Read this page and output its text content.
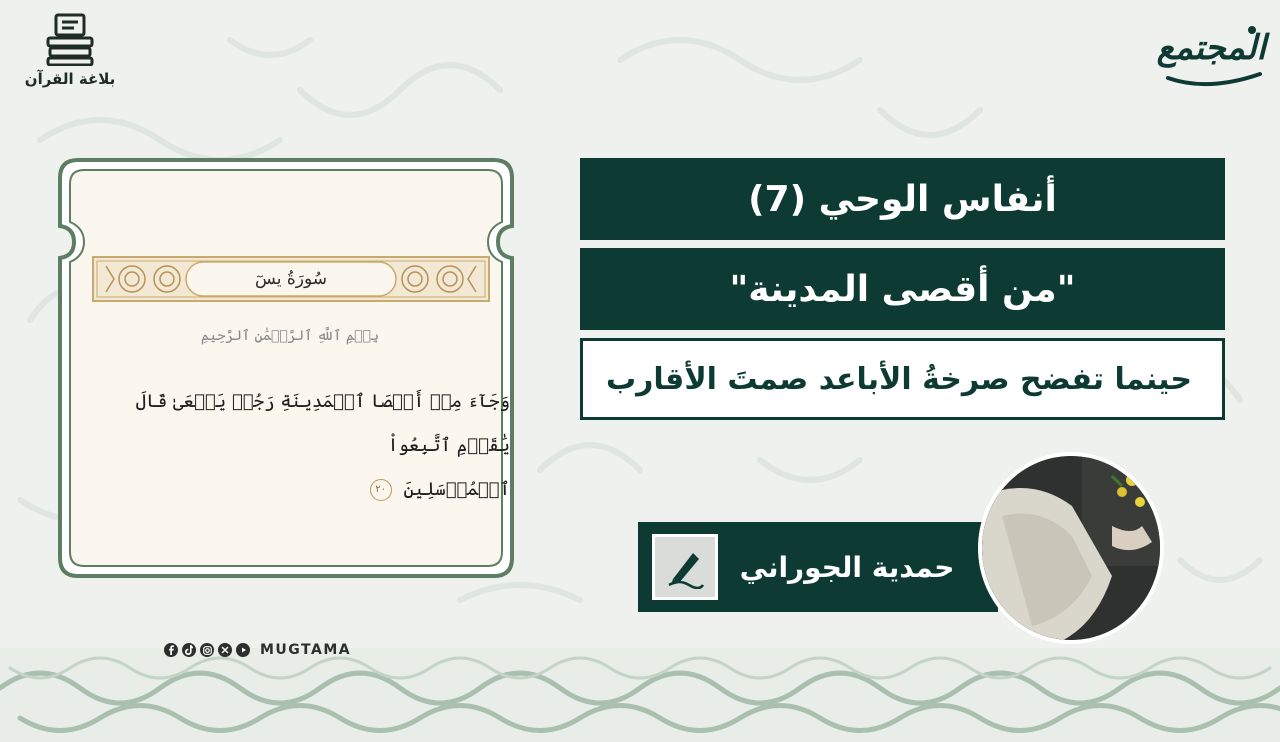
بلاغة القرآن
المجتمع
أنفاس الوحي (7)
"من أقصى المدينة"
حينما تفضح صرخةُ الأباعد صمتَ الأقارب
حمدية الجوراني
سُورَةُ يسٓ
بِسۡمِ ٱللَّهِ ٱلرَّحۡمَٰنِ ٱلرَّحِيمِ
وَجَآءَ مِنۡ أَقۡصَا ٱلۡمَدِينَةِ رَجُلٞ يَسۡعَىٰ قَالَ يَٰقَوۡمِ ٱتَّبِعُواْ
ٱلۡمُرۡسَلِينَ ٢٠
MUGTAMA
